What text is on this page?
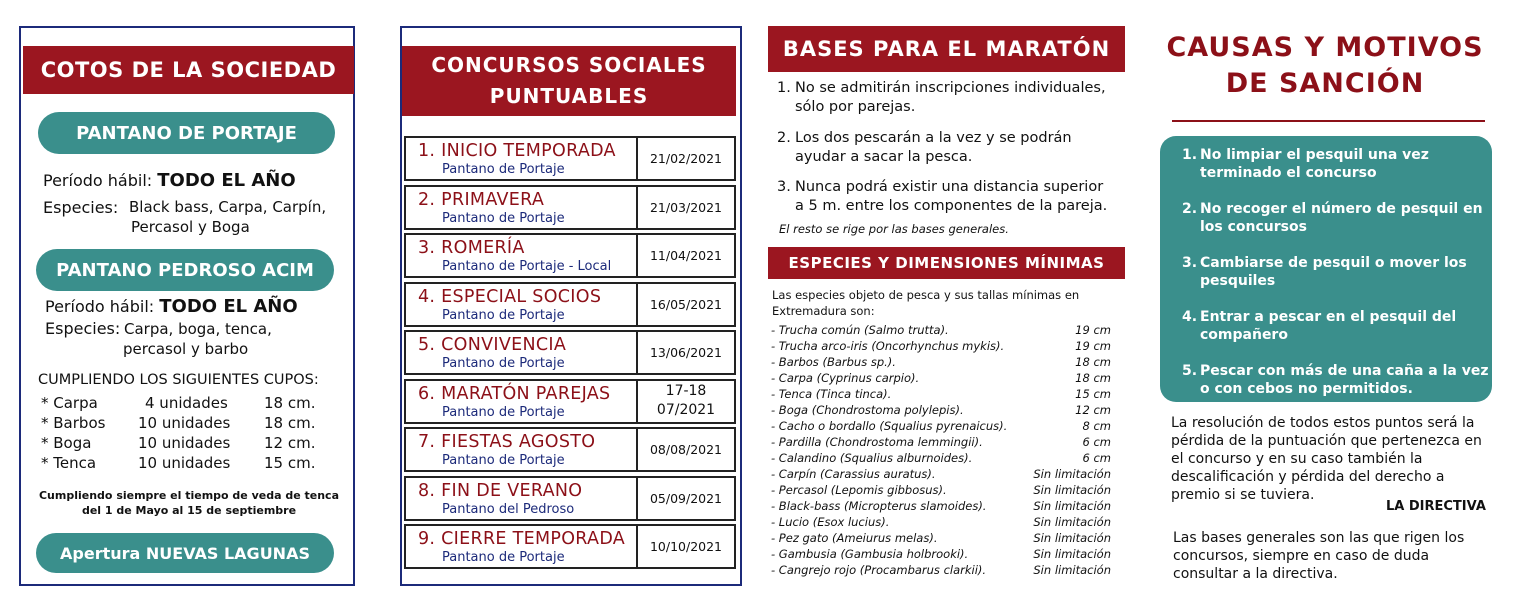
COTOS DE LA SOCIEDAD
PANTANO DE PORTAJE
Período hábil: TODO EL AÑO
Especies: Black bass, Carpa, Carpín,
Percasol y Boga
PANTANO PEDROSO ACIM
Período hábil: TODO EL AÑO
Especies: Carpa, boga, tenca,
percasol y barbo
CUMPLIENDO LOS SIGUIENTES CUPOS:
* Carpa	4 unidades 18 cm.
* Barbos 10 unidades 18 cm.
* Boga	10 unidades 12 cm.
* Tenca	10 unidades 15 cm.
Cumpliendo siempre el tiempo de veda de tenca
del 1 de Mayo al 15 de septiembre
Apertura NUEVAS LAGUNAS
CONCURSOS SOCIALES
PUNTUABLES
1. INICIO TEMPORADA
Pantano de Portaje
21/02/2021
2. PRIMAVERA
Pantano de Portaje
21/03/2021
3. ROMERÍA
Pantano de Portaje - Local
11/04/2021
4. ESPECIAL SOCIOS
Pantano de Portaje
16/05/2021
5. CONVIVENCIA
Pantano de Portaje
13/06/2021
6. MARATÓN PAREJAS
Pantano de Portaje
17-18 07/2021
7. FIESTAS AGOSTO
Pantano de Portaje
08/08/2021
8. FIN DE VERANO
Pantano del Pedroso
05/09/2021
9. CIERRE TEMPORADA
Pantano de Portaje
10/10/2021
BASES PARA EL MARATÓN
1. No se admitirán inscripciones individuales,
sólo por parejas.
2. Los dos pescarán a la vez y se podrán
ayudar a sacar la pesca.
3. Nunca podrá existir una distancia superior
a 5 m. entre los componentes de la pareja.
El resto se rige por las bases generales.
ESPECIES Y DIMENSIONES MÍNIMAS
Las especies objeto de pesca y sus tallas mínimas en
Extremadura son:
- Trucha común (Salmo trutta).	19 cm
- Trucha arco-iris (Oncorhynchus mykis).	19 cm
- Barbos (Barbus sp.).	18 cm
- Carpa (Cyprinus carpio).	18 cm
- Tenca (Tinca tinca).	15 cm
- Boga (Chondrostoma polylepis).	12 cm
- Cacho o bordallo (Squalius pyrenaicus).	8 cm
- Pardilla (Chondrostoma lemmingii).	6 cm
- Calandino (Squalius alburnoides).	6 cm
- Carpín (Carassius auratus).	Sin limitación
- Percasol (Lepomis gibbosus).	Sin limitación
- Black-bass (Micropterus slamoides).	Sin limitación
- Lucio (Esox lucius).	Sin limitación
- Pez gato (Ameiurus melas).	Sin limitación
- Gambusia (Gambusia holbrooki).	Sin limitación
- Cangrejo rojo (Procambarus clarkii).	Sin limitación
CAUSAS Y MOTIVOS
DE SANCIÓN
1. No limpiar el pesquil una vez
terminado el concurso
2. No recoger el número de pesquil en
los concursos
3. Cambiarse de pesquil o mover los
pesquiles
4. Entrar a pescar en el pesquil del
compañero
5. Pescar con más de una caña a la vez
o con cebos no permitidos.
La resolución de todos estos puntos será la
pérdida de la puntuación que pertenezca en
el concurso y en su caso también la
descalificación y pérdida del derecho a
premio si se tuviera.
LA DIRECTIVA
Las bases generales son las que rigen los
concursos, siempre en caso de duda
consultar a la directiva.
